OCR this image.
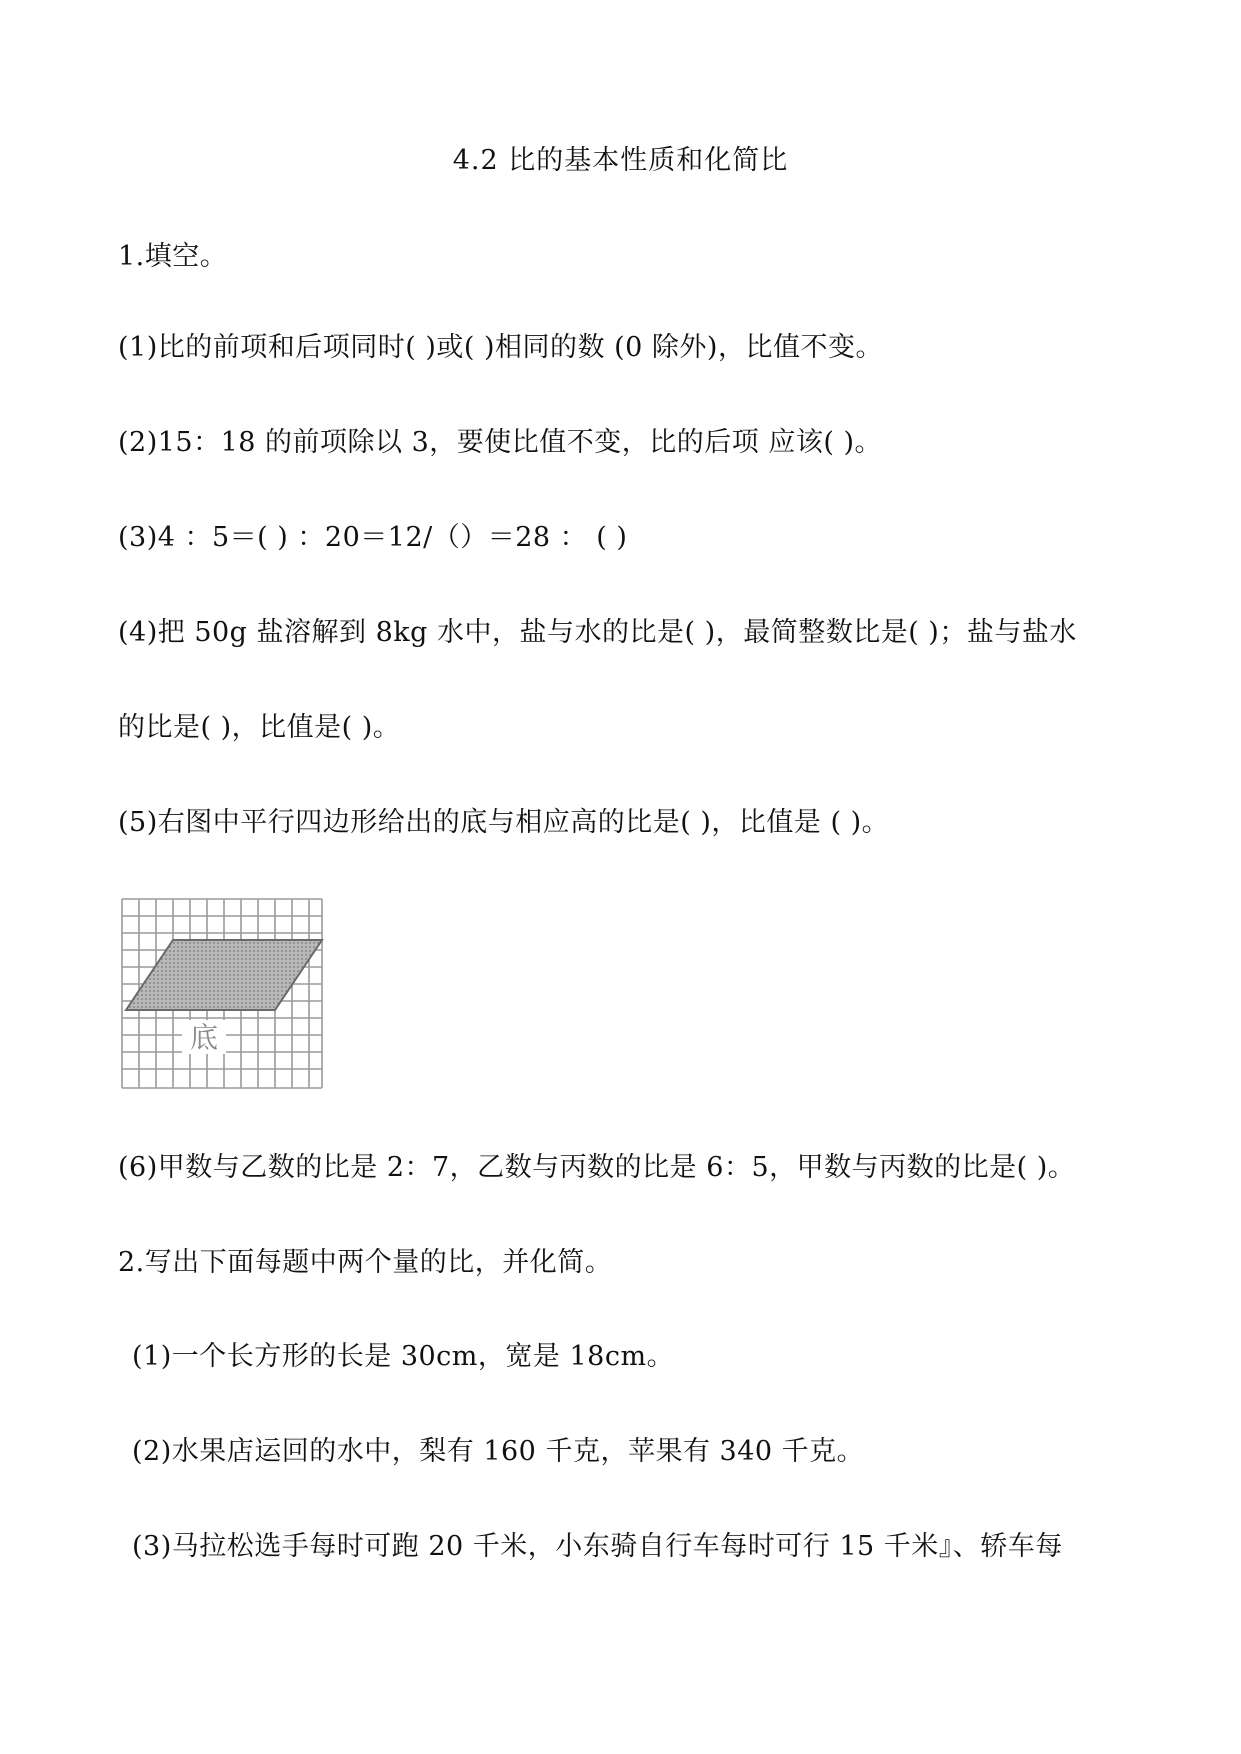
4.2 比的基本性质和化简比
1.填空。
(1)比的前项和后项同时( )或( )相同的数 (0 除外)，比值不变。
(2)15：18 的前项除以 3，要使比值不变，比的后项 应该( )。
(3)4 ：5＝( ) ：20＝12/（）＝28 ： ( )
(4)把 50g 盐溶解到 8kg 水中，盐与水的比是( )，最简整数比是( )；盐与盐水
的比是( )，比值是( )。
(5)右图中平行四边形给出的底与相应高的比是( )，比值是 ( )。
底
(6)甲数与乙数的比是 2：7，乙数与丙数的比是 6：5，甲数与丙数的比是( )。
2.写出下面每题中两个量的比，并化简。
(1)一个长方形的长是 30cm，宽是 18cm。
(2)水果店运回的水中，梨有 160 千克，苹果有 340 千克。
(3)马拉松选手每时可跑 20 千米，小东骑自行车每时可行 15 千米』、轿车每
